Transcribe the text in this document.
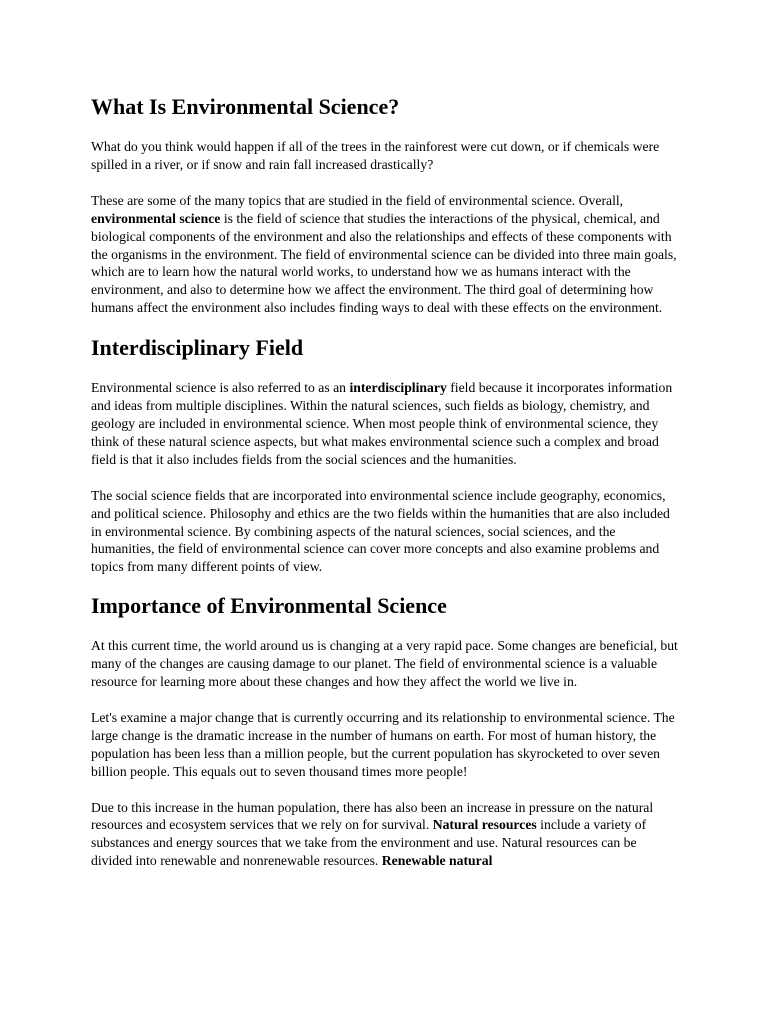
What Is Environmental Science?

What do you think would happen if all of the trees in the rainforest were cut down, or if chemicals were spilled in a river, or if snow and rain fall increased drastically?

These are some of the many topics that are studied in the field of environmental science. Overall, environmental science is the field of science that studies the interactions of the physical, chemical, and biological components of the environment and also the relationships and effects of these components with the organisms in the environment. The field of environmental science can be divided into three main goals, which are to learn how the natural world works, to understand how we as humans interact with the environment, and also to determine how we affect the environment. The third goal of determining how humans affect the environment also includes finding ways to deal with these effects on the environment.

Interdisciplinary Field

Environmental science is also referred to as an interdisciplinary field because it incorporates information and ideas from multiple disciplines. Within the natural sciences, such fields as biology, chemistry, and geology are included in environmental science. When most people think of environmental science, they think of these natural science aspects, but what makes environmental science such a complex and broad field is that it also includes fields from the social sciences and the humanities.

The social science fields that are incorporated into environmental science include geography, economics, and political science. Philosophy and ethics are the two fields within the humanities that are also included in environmental science. By combining aspects of the natural sciences, social sciences, and the humanities, the field of environmental science can cover more concepts and also examine problems and topics from many different points of view.

Importance of Environmental Science

At this current time, the world around us is changing at a very rapid pace. Some changes are beneficial, but many of the changes are causing damage to our planet. The field of environmental science is a valuable resource for learning more about these changes and how they affect the world we live in.

Let's examine a major change that is currently occurring and its relationship to environmental science. The large change is the dramatic increase in the number of humans on earth. For most of human history, the population has been less than a million people, but the current population has skyrocketed to over seven billion people. This equals out to seven thousand times more people!

Due to this increase in the human population, there has also been an increase in pressure on the natural resources and ecosystem services that we rely on for survival. Natural resources include a variety of substances and energy sources that we take from the environment and use. Natural resources can be divided into renewable and nonrenewable resources. Renewable natural
